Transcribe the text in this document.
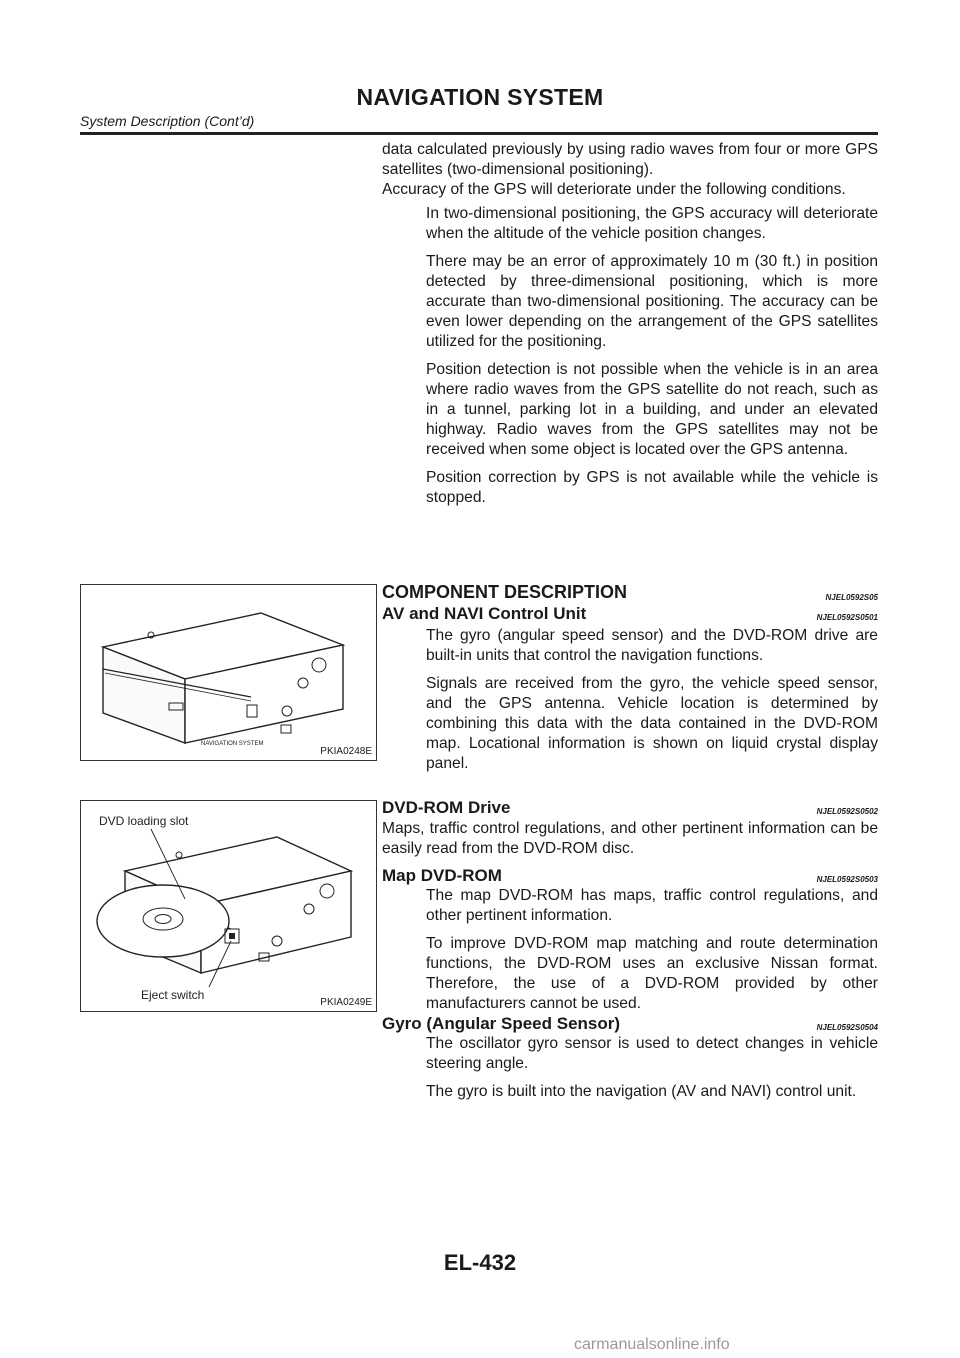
NAVIGATION SYSTEM
System Description (Cont’d)

data calculated previously by using radio waves from four or more GPS satellites (two-dimensional positioning).

Accuracy of the GPS will deteriorate under the following conditions.

In two-dimensional positioning, the GPS accuracy will deteriorate when the altitude of the vehicle position changes.

There may be an error of approximately 10 m (30 ft.) in position detected by three-dimensional positioning, which is more accurate than two-dimensional positioning. The accuracy can be even lower depending on the arrangement of the GPS satellites utilized for the positioning.

Position detection is not possible when the vehicle is in an area where radio waves from the GPS satellite do not reach, such as in a tunnel, parking lot in a building, and under an elevated highway. Radio waves from the GPS satellites may not be received when some object is located over the GPS antenna.

Position correction by GPS is not available while the vehicle is stopped.

NAVIGATION SYSTEM
PKIA0248E
COMPONENT DESCRIPTION	NJEL0592S05
AV and NAVI Control Unit	NJEL0592S0501

The gyro (angular speed sensor) and the DVD-ROM drive are built-in units that control the navigation functions.

Signals are received from the gyro, the vehicle speed sensor, and the GPS antenna. Vehicle location is determined by combining this data with the data contained in the DVD-ROM map. Locational information is shown on liquid crystal display panel.

DVD loading slot
Eject switch
PKIA0249E
DVD-ROM Drive	NJEL0592S0502

Maps, traffic control regulations, and other pertinent information can be easily read from the DVD-ROM disc.

Map DVD-ROM	NJEL0592S0503

The map DVD-ROM has maps, traffic control regulations, and other pertinent information.

To improve DVD-ROM map matching and route determination functions, the DVD-ROM uses an exclusive Nissan format. Therefore, the use of a DVD-ROM provided by other manufacturers cannot be used.

Gyro (Angular Speed Sensor)	NJEL0592S0504

The oscillator gyro sensor is used to detect changes in vehicle steering angle.

The gyro is built into the navigation (AV and NAVI) control unit.

EL-432
carmanualsonline.info
